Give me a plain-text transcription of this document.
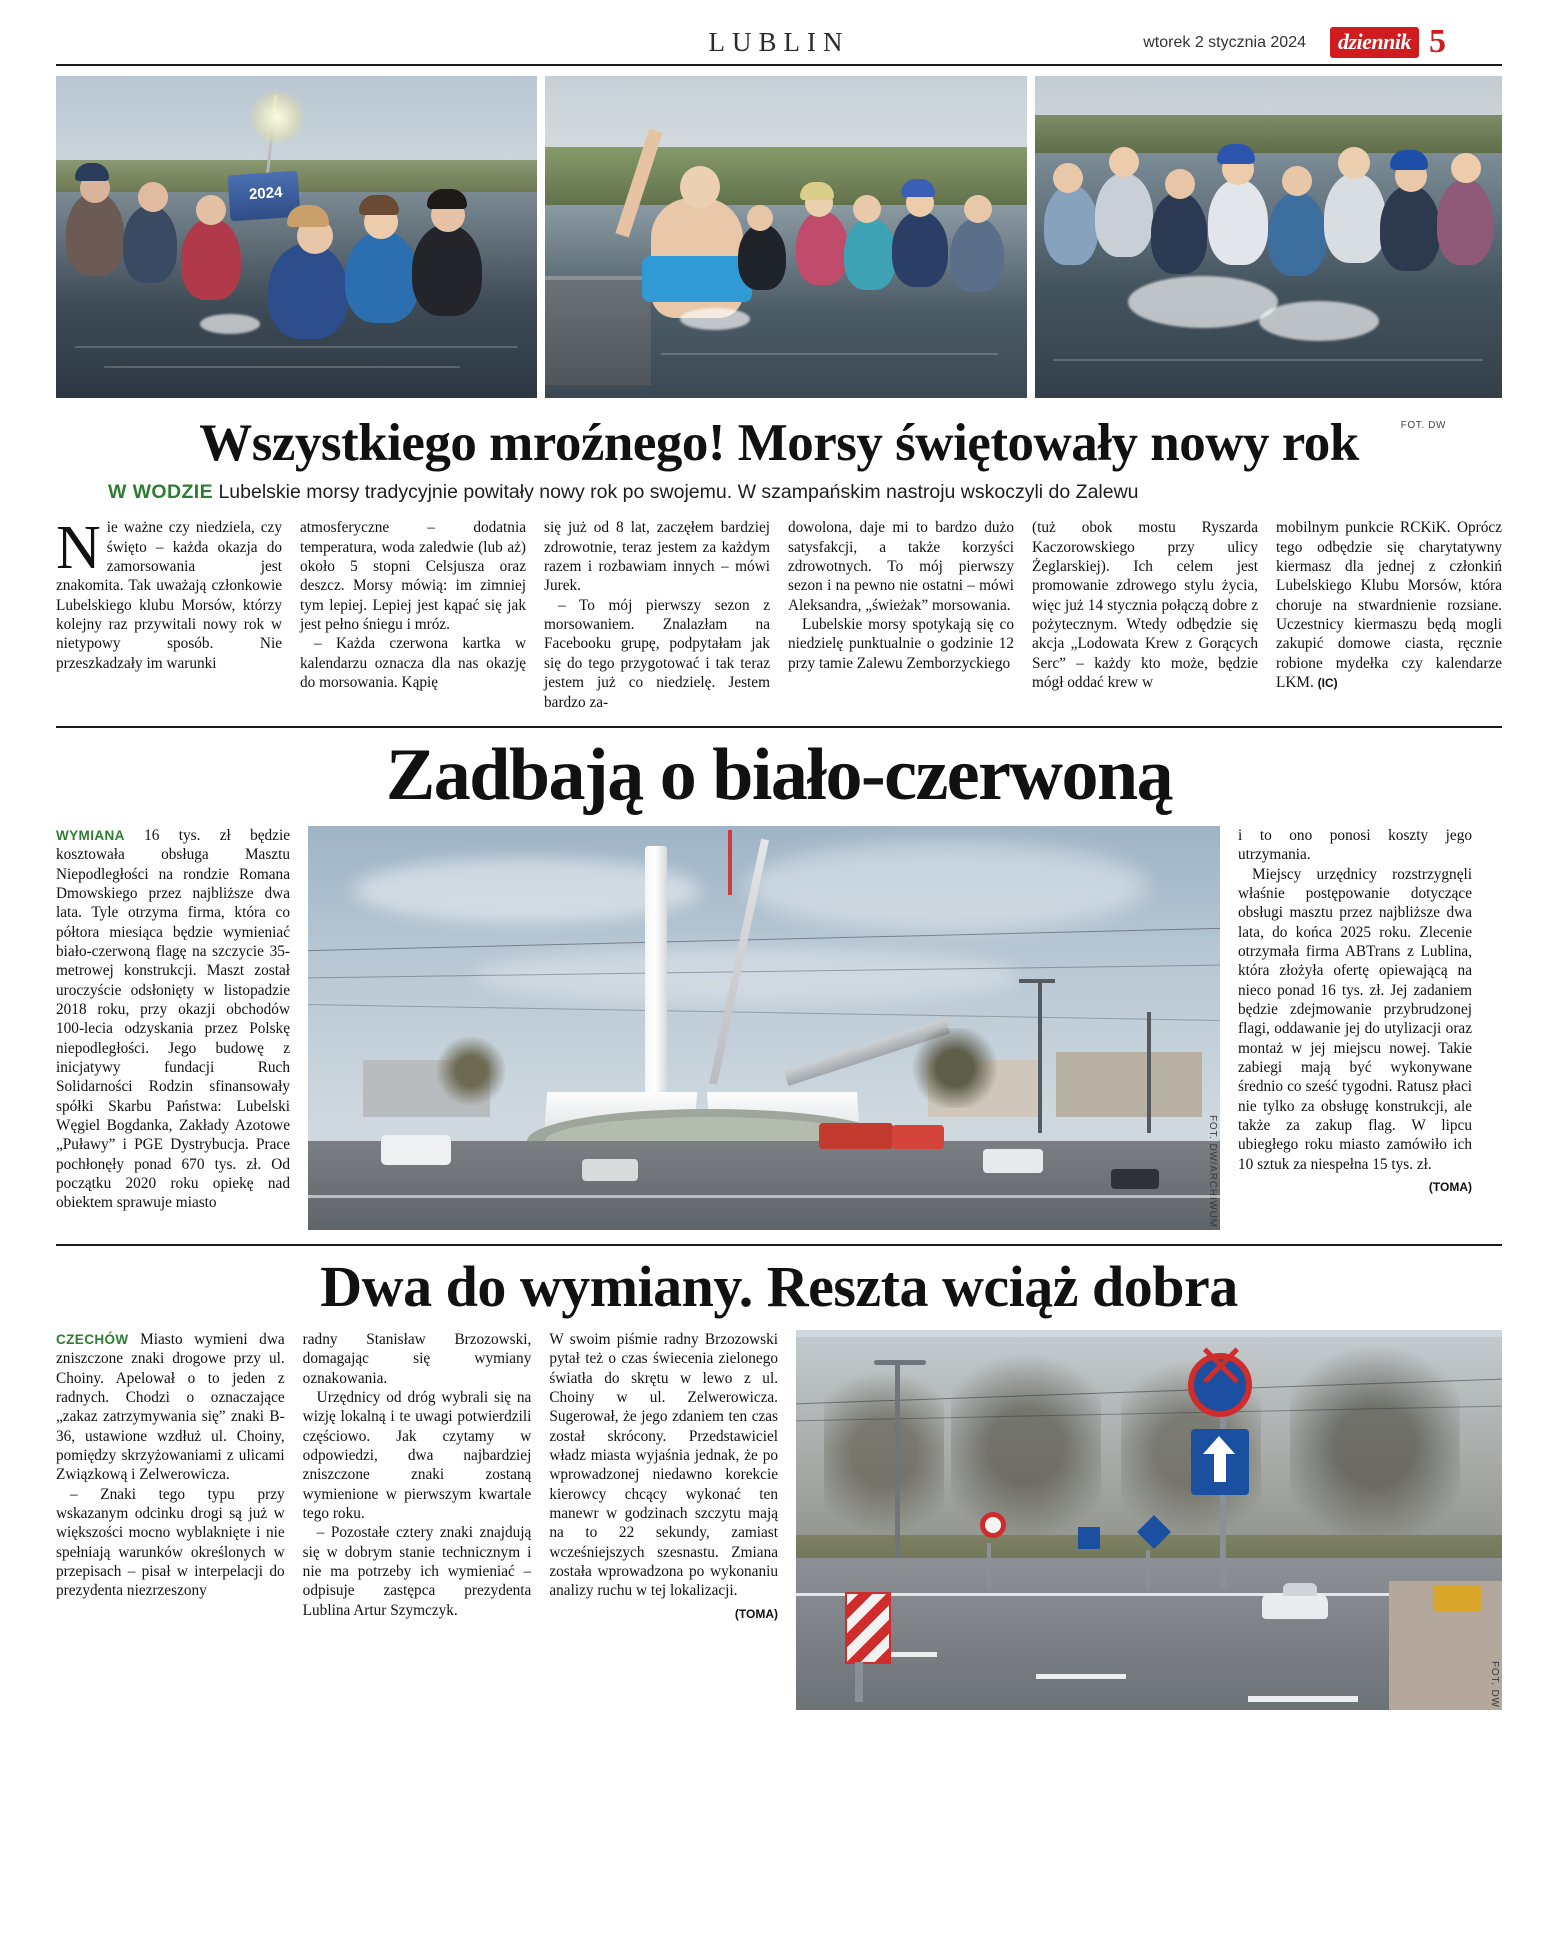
LUBLIN	wtorek 2 stycznia 2024	dziennik 5
2024
FOT. DW
Wszystkiego mroźnego! Morsy świętowały nowy rok
W WODZIE Lubelskie morsy tradycyjnie powitały nowy rok po swojemu. W szampańskim nastroju wskoczyli do Zalewu

Nie ważne czy niedziela, czy święto – każda okazja do zamorsowania jest znakomita. Tak uważają członkowie Lubelskiego klubu Morsów, którzy kolejny raz przywitali nowy rok w nietypowy sposób. Nie przeszkadzały im warunki

atmosferyczne – dodatnia temperatura, woda zaledwie (lub aż) około 5 stopni Celsjusza oraz deszcz. Morsy mówią: im zimniej tym lepiej. Lepiej jest kąpać się jak jest pełno śniegu i mróz.

– Każda czerwona kartka w kalendarzu oznacza dla nas okazję do morsowania. Kąpię

się już od 8 lat, zaczęłem bardziej zdrowotnie, teraz jestem za każdym razem i rozbawiam innych – mówi Jurek.

– To mój pierwszy sezon z morsowaniem. Znalazłam na Facebooku grupę, podpytałam jak się do tego przygotować i tak teraz jestem już co niedzielę. Jestem bardzo za-

dowolona, daje mi to bardzo dużo satysfakcji, a także korzyści zdrowotnych. To mój pierwszy sezon i na pewno nie ostatni – mówi Aleksandra, „świeżak” morsowania.

Lubelskie morsy spotykają się co niedzielę punktualnie o godzinie 12 przy tamie Zalewu Zemborzyckiego

(tuż obok mostu Ryszarda Kaczorowskiego przy ulicy Żeglarskiej). Ich celem jest promowanie zdrowego stylu życia, więc już 14 stycznia połączą dobre z pożytecznym. Wtedy odbędzie się akcja „Lodowata Krew z Gorących Serc” – każdy kto może, będzie mógł oddać krew w

mobilnym punkcie RCKiK. Oprócz tego odbędzie się charytatywny kiermasz dla jednej z członkiń Lubelskiego Klubu Morsów, która choruje na stwardnienie rozsiane. Uczestnicy kiermaszu będą mogli zakupić domowe ciasta, ręcznie robione mydełka czy kalendarze LKM. (IC)

Zadbają o biało-czerwoną

WYMIANA 16 tys. zł będzie kosztowała obsługa Masztu Niepodległości na rondzie Romana Dmowskiego przez najbliższe dwa lata. Tyle otrzyma firma, która co półtora miesiąca będzie wymieniać biało-czerwoną flagę na szczycie 35-metrowej konstrukcji. Maszt został uroczyście odsłonięty w listopadzie 2018 roku, przy okazji obchodów 100-lecia odzyskania przez Polskę niepodległości. Jego budowę z inicjatywy fundacji Ruch Solidarności Rodzin sfinansowały spółki Skarbu Państwa: Lubelski Węgiel Bogdanka, Zakłady Azotowe „Puławy” i PGE Dystrybucja. Prace pochłonęły ponad 670 tys. zł. Od początku 2020 roku opiekę nad obiektem sprawuje miasto	FOT. DW/ARCHIWUM

i to ono ponosi koszty jego utrzymania.

Miejscy urzędnicy rozstrzygnęli właśnie postępowanie dotyczące obsługi masztu przez najbliższe dwa lata, do końca 2025 roku. Zlecenie otrzymała firma ABTrans z Lublina, która złożyła ofertę opiewającą na nieco ponad 16 tys. zł. Jej zadaniem będzie zdejmowanie przybrudzonej flagi, oddawanie jej do utylizacji oraz montaż w jej miejscu nowej. Takie zabiegi mają być wykonywane średnio co sześć tygodni. Ratusz płaci nie tylko za obsługę konstrukcji, ale także za zakup flag. W lipcu ubiegłego roku miasto zamówiło ich 10 sztuk za niespełna 15 tys. zł.

(TOMA)

Dwa do wymiany. Reszta wciąż dobra

CZECHÓW Miasto wymieni dwa zniszczone znaki drogowe przy ul. Choiny. Apelował o to jeden z radnych. Chodzi o oznaczające „zakaz zatrzymywania się” znaki B-36, ustawione wzdłuż ul. Choiny, pomiędzy skrzyżowaniami z ulicami Związkową i Zelwerowicza.

– Znaki tego typu przy wskazanym odcinku drogi są już w większości mocno wyblaknięte i nie spełniają warunków określonych w przepisach – pisał w interpelacji do prezydenta niezrzeszony

radny Stanisław Brzozowski, domagając się wymiany oznakowania.

Urzędnicy od dróg wybrali się na wizję lokalną i te uwagi potwierdzili częściowo. Jak czytamy w odpowiedzi, dwa najbardziej zniszczone znaki zostaną wymienione w pierwszym kwartale tego roku.

– Pozostałe cztery znaki znajdują się w dobrym stanie technicznym i nie ma potrzeby ich wymieniać – odpisuje zastępca prezydenta Lublina Artur Szymczyk.

W swoim piśmie radny Brzozowski pytał też o czas świecenia zielonego światła do skrętu w lewo z ul. Choiny w ul. Zelwerowicza. Sugerował, że jego zdaniem ten czas został skrócony. Przedstawiciel władz miasta wyjaśnia jednak, że po wprowadzonej niedawno korekcie kierowcy chcący wykonać ten manewr w godzinach szczytu mają na to 22 sekundy, zamiast wcześniejszych szesnastu. Zmiana została wprowadzona po wykonaniu analizy ruchu w tej lokalizacji.

(TOMA)

FOT. DW
